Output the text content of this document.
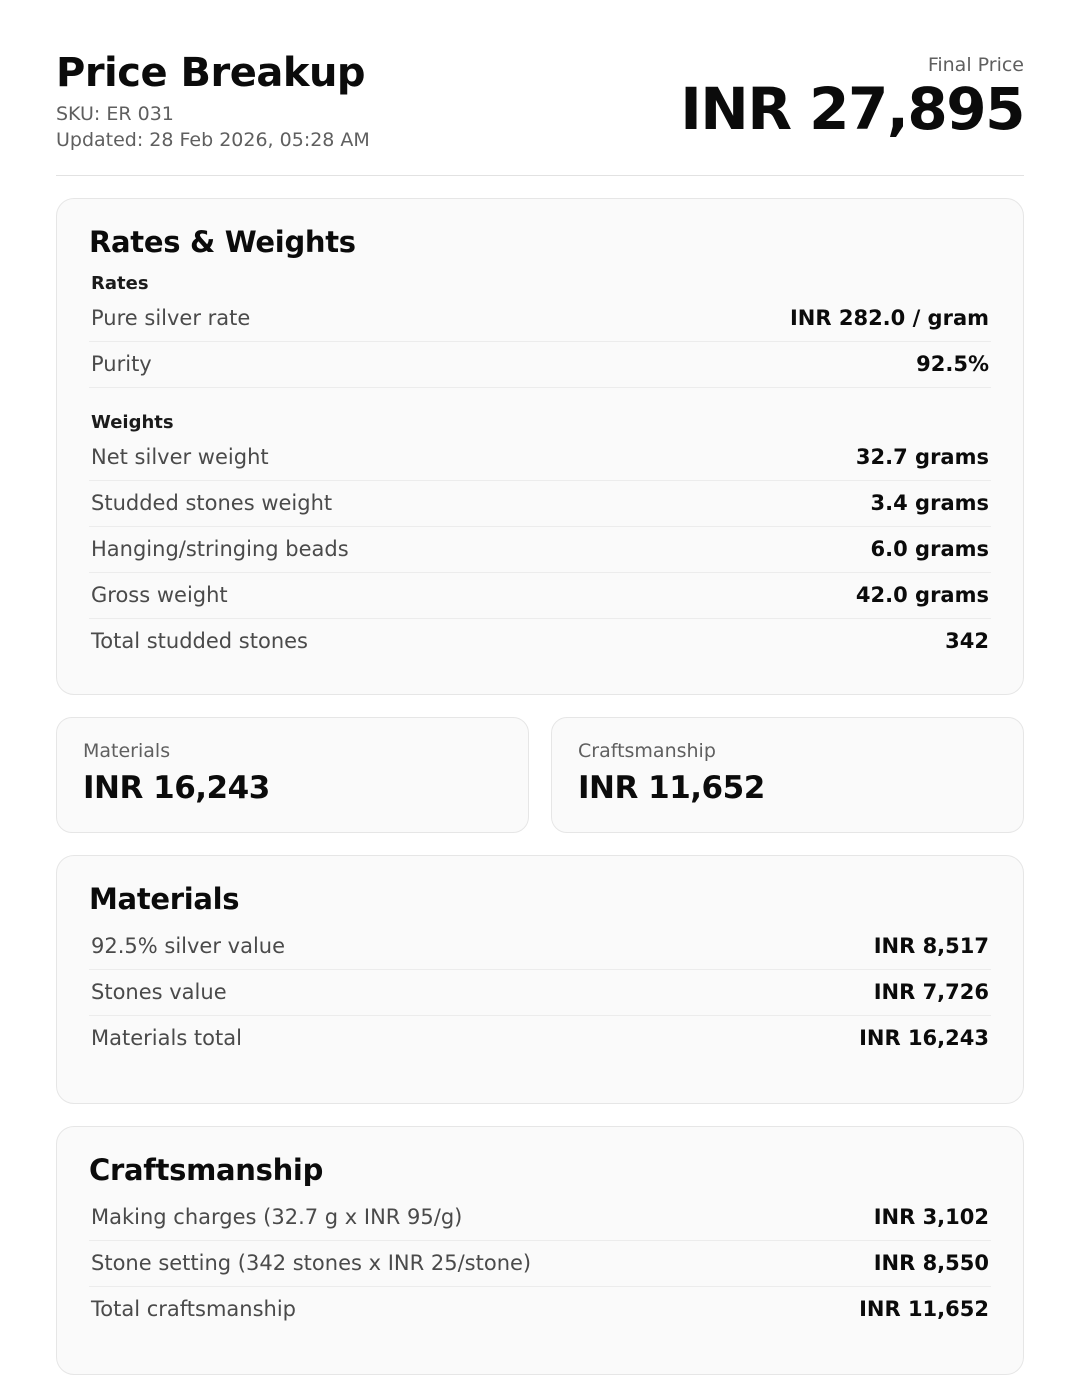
Price Breakup
SKU: ER 031
Updated: 28 Feb 2026, 05:28 AM
Final Price
INR 27,895
Rates & Weights
Rates
Pure silver rate	INR 282.0 / gram
Purity	92.5%
Weights
Net silver weight	32.7 grams
Studded stones weight	3.4 grams
Hanging/stringing beads	6.0 grams
Gross weight	42.0 grams
Total studded stones	342
Materials
INR 16,243
Craftsmanship
INR 11,652
Materials
92.5% silver value	INR 8,517
Stones value	INR 7,726
Materials total	INR 16,243
Craftsmanship
Making charges (32.7 g x INR 95/g)	INR 3,102
Stone setting (342 stones x INR 25/stone)	INR 8,550
Total craftsmanship	INR 11,652
